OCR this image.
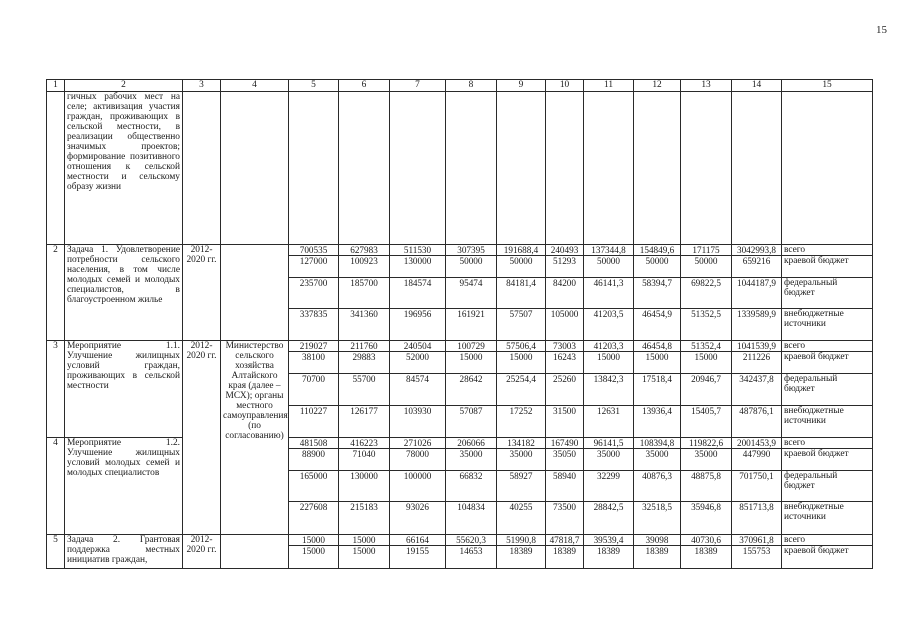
15
1	2	3	4	5	6	7	8	9	10	11	12	13	14	15
	гичных рабочих мест на селе; активизация участия граждан, проживающих в сельской местности, в реализации общественно значимых проектов; формирование позитивного отношения к сельской местности и сельскому образу жизни													
2	Задача 1. Удовлетворение потребности сельского населения, в том числе молодых семей и молодых специалистов, в благоустроенном жилье	2012-2020 гг.		700535	627983	511530	307395	191688,4	240493	137344,8	154849,6	171175	3042993,8	всего
				127000	100923	130000	50000	50000	51293	50000	50000	50000	659216	краевой бюджет
				235700	185700	184574	95474	84181,4	84200	46141,3	58394,7	69822,5	1044187,9	федеральный бюджет
				337835	341360	196956	161921	57507	105000	41203,5	46454,9	51352,5	1339589,9	внебюджетные источники
3	Мероприятие 1.1. Улучшение жилищных условий граждан, проживающих в сельской местности	2012-2020 гг.	Министерство сельского хозяйства Алтайского края (далее – МСХ); органы местного самоуправления (по согласованию)	219027	211760	240504	100729	57506,4	73003	41203,3	46454,8	51352,4	1041539,9	всего
				38100	29883	52000	15000	15000	16243	15000	15000	15000	211226	краевой бюджет
				70700	55700	84574	28642	25254,4	25260	13842,3	17518,4	20946,7	342437,8	федеральный бюджет
				110227	126177	103930	57087	17252	31500	12631	13936,4	15405,7	487876,1	внебюджетные источники
4	Мероприятие 1.2. Улучшение жилищных условий молодых семей и молодых специалистов			481508	416223	271026	206066	134182	167490	96141,5	108394,8	119822,6	2001453,9	всего
				88900	71040	78000	35000	35000	35050	35000	35000	35000	447990	краевой бюджет
				165000	130000	100000	66832	58927	58940	32299	40876,3	48875,8	701750,1	федеральный бюджет
				227608	215183	93026	104834	40255	73500	28842,5	32518,5	35946,8	851713,8	внебюджетные источники
5	Задача 2. Грантовая поддержка местных инициатив граждан,	2012-2020 гг.		15000	15000	66164	55620,3	51990,8	47818,7	39539,4	39098	40730,6	370961,8	всего
				15000	15000	19155	14653	18389	18389	18389	18389	18389	155753	краевой бюджет
